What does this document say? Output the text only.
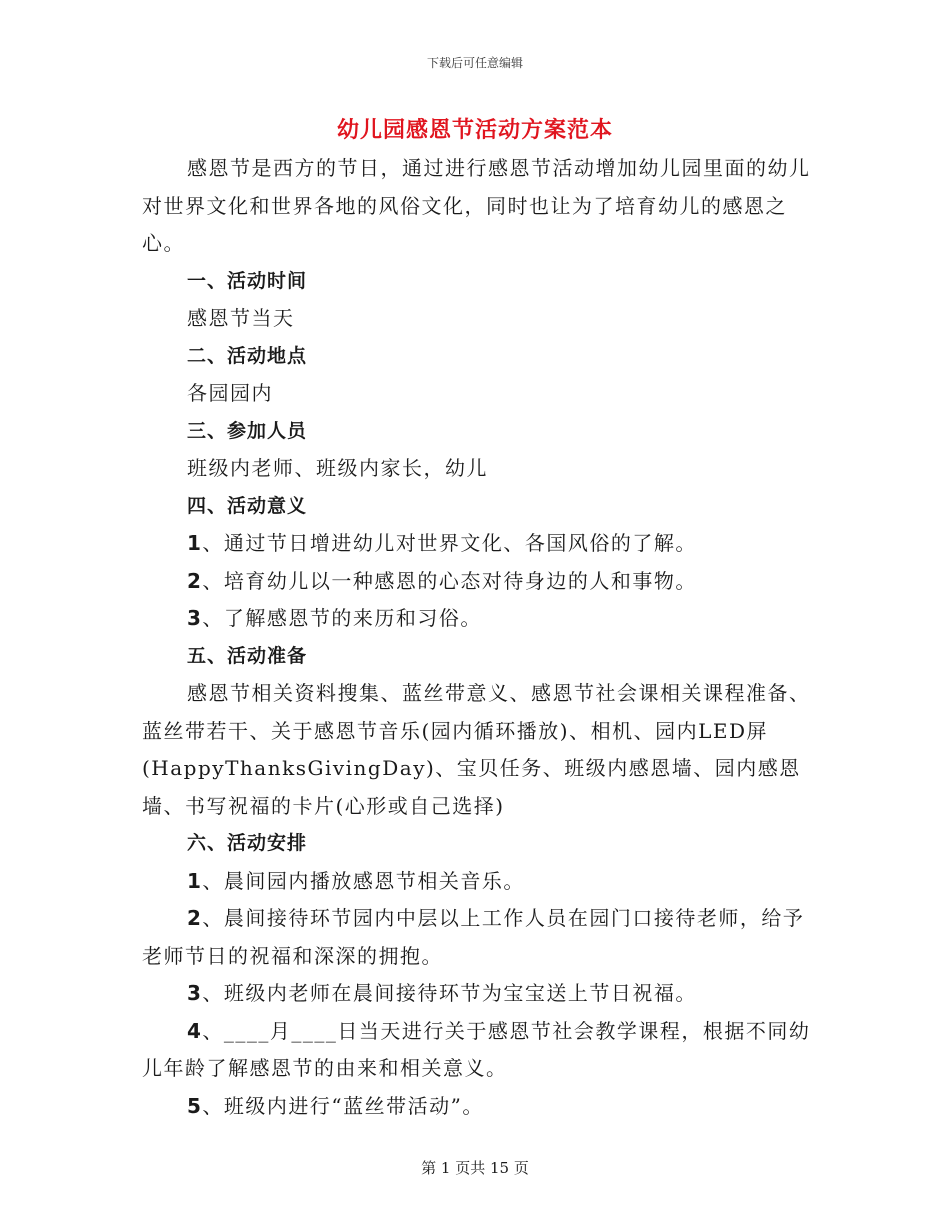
下载后可任意编辑
幼儿园感恩节活动方案范本

感恩节是西方的节日，通过进行感恩节活动增加幼儿园里面的幼儿对世界文化和世界各地的风俗文化，同时也让为了培育幼儿的感恩之心。

一、活动时间

感恩节当天

二、活动地点

各园园内

三、参加人员

班级内老师、班级内家长，幼儿

四、活动意义

1、通过节日增进幼儿对世界文化、各国风俗的了解。

2、培育幼儿以一种感恩的心态对待身边的人和事物。

3、了解感恩节的来历和习俗。

五、活动准备

感恩节相关资料搜集、蓝丝带意义、感恩节社会课相关课程准备、蓝丝带若干、关于感恩节音乐(园内循环播放)、相机、园内LED屏(HappyThanksGivingDay)、宝贝任务、班级内感恩墙、园内感恩墙、书写祝福的卡片(心形或自己选择)

六、活动安排

1、晨间园内播放感恩节相关音乐。

2、晨间接待环节园内中层以上工作人员在园门口接待老师，给予老师节日的祝福和深深的拥抱。

3、班级内老师在晨间接待环节为宝宝送上节日祝福。

4、____月____日当天进行关于感恩节社会教学课程，根据不同幼儿年龄了解感恩节的由来和相关意义。

5、班级内进行“蓝丝带活动”。

第 1 页共 15 页
